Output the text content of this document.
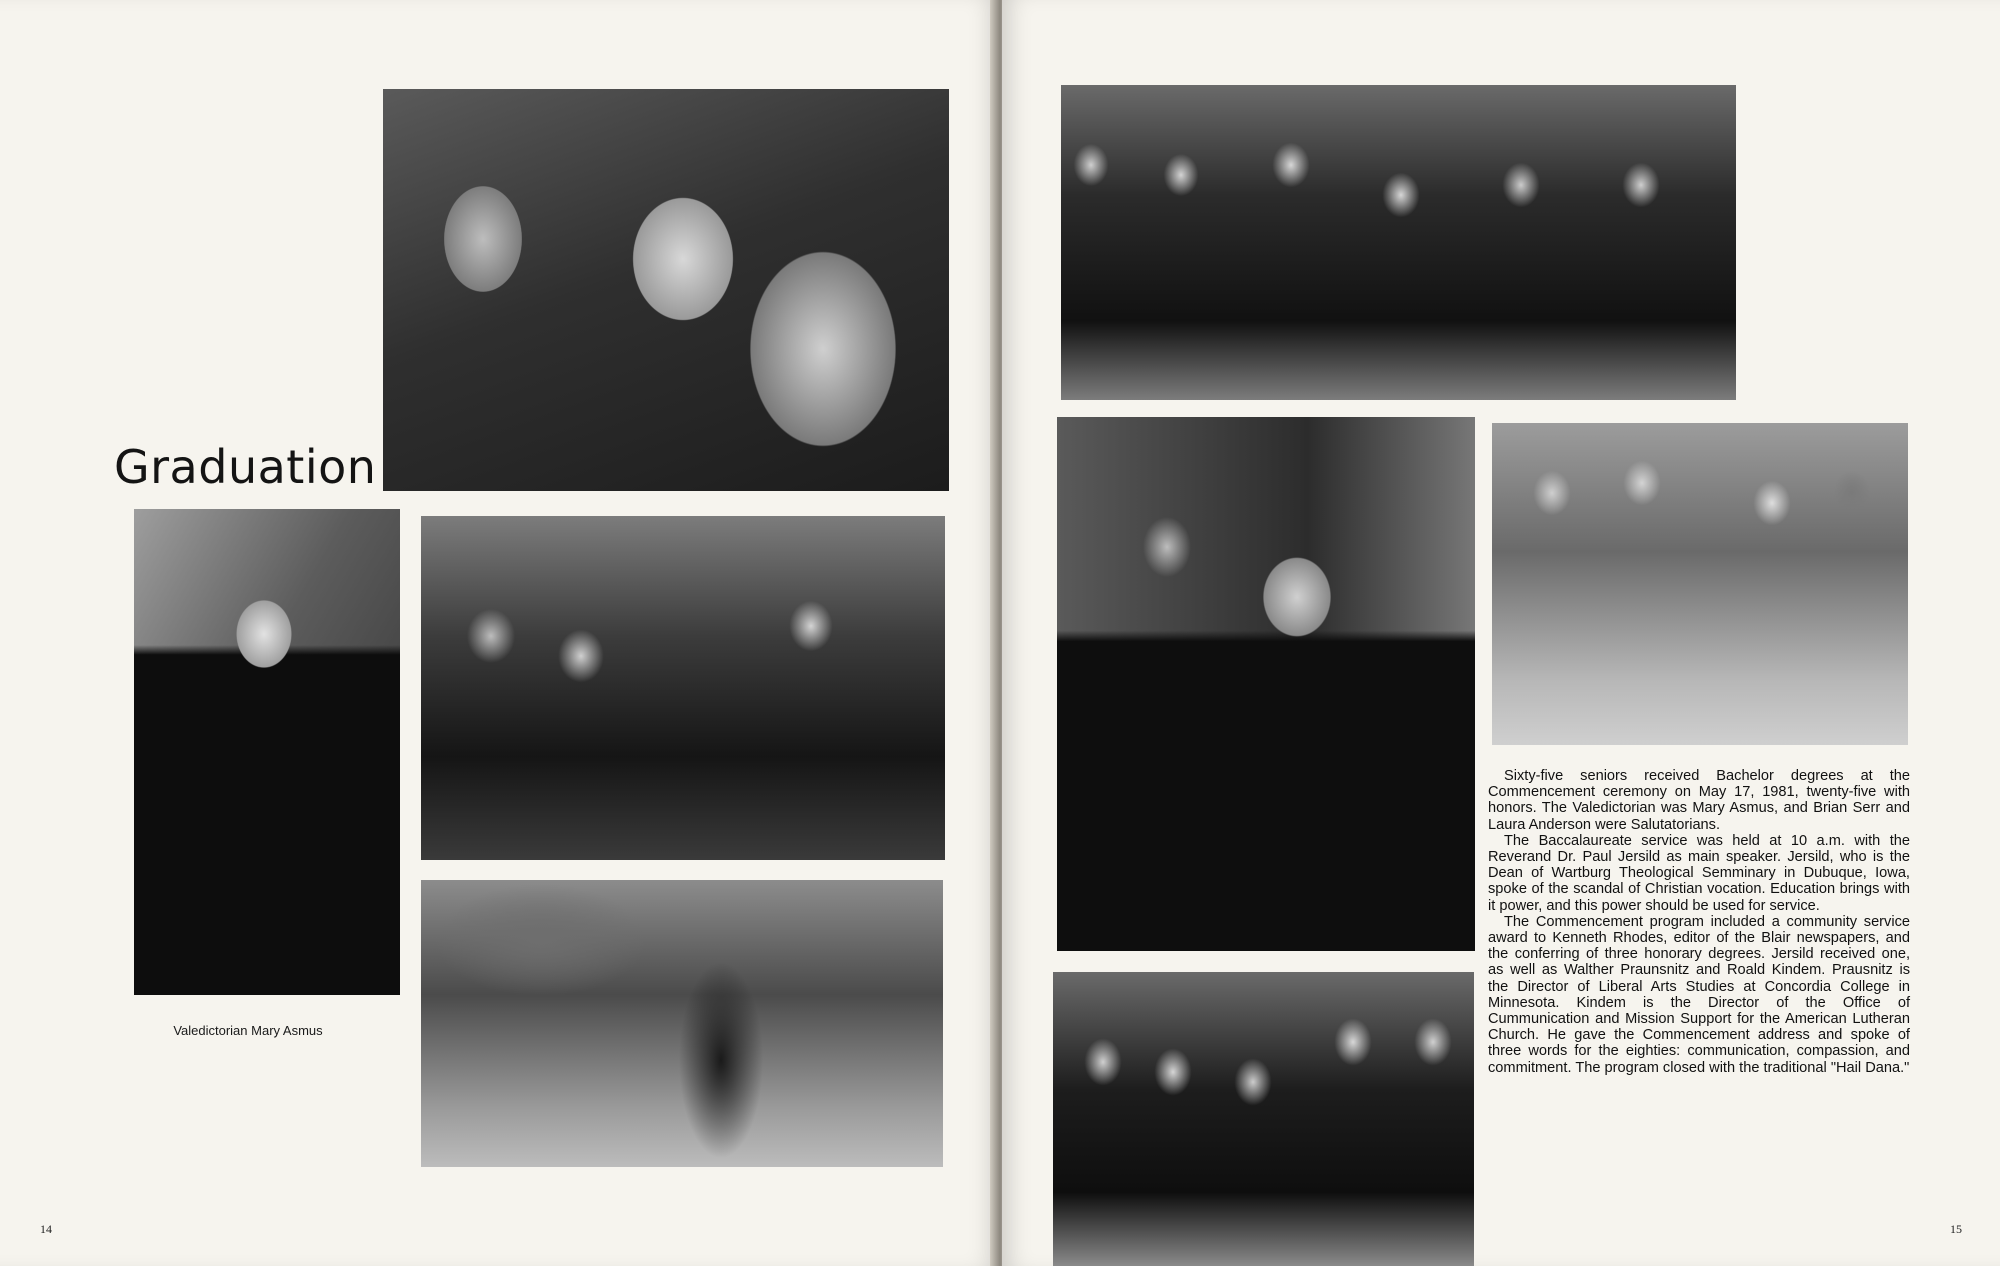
Graduation

Valedictorian Mary Asmus

14

Sixty-five seniors received Bachelor degrees at the Commencement ceremony on May 17, 1981, twenty-five with honors. The Valedictorian was Mary Asmus, and Brian Serr and Laura Anderson were Salutatorians.

The Baccalaureate service was held at 10 a.m. with the Reverand Dr. Paul Jersild as main speaker. Jersild, who is the Dean of Wartburg Theological Semminary in Dubuque, Iowa, spoke of the scandal of Christian vocation. Education brings with it power, and this power should be used for service.

The Commencement program included a community service award to Kenneth Rhodes, editor of the Blair newspapers, and the conferring of three honorary degrees. Jersild received one, as well as Walther Praunsnitz and Roald Kindem. Prausnitz is the Director of Liberal Arts Studies at Concordia College in Minnesota. Kindem is the Director of the Office of Cummunication and Mission Support for the American Lutheran Church. He gave the Commencement address and spoke of three words for the eighties: communication, compassion, and commitment. The program closed with the traditional "Hail Dana."

15
